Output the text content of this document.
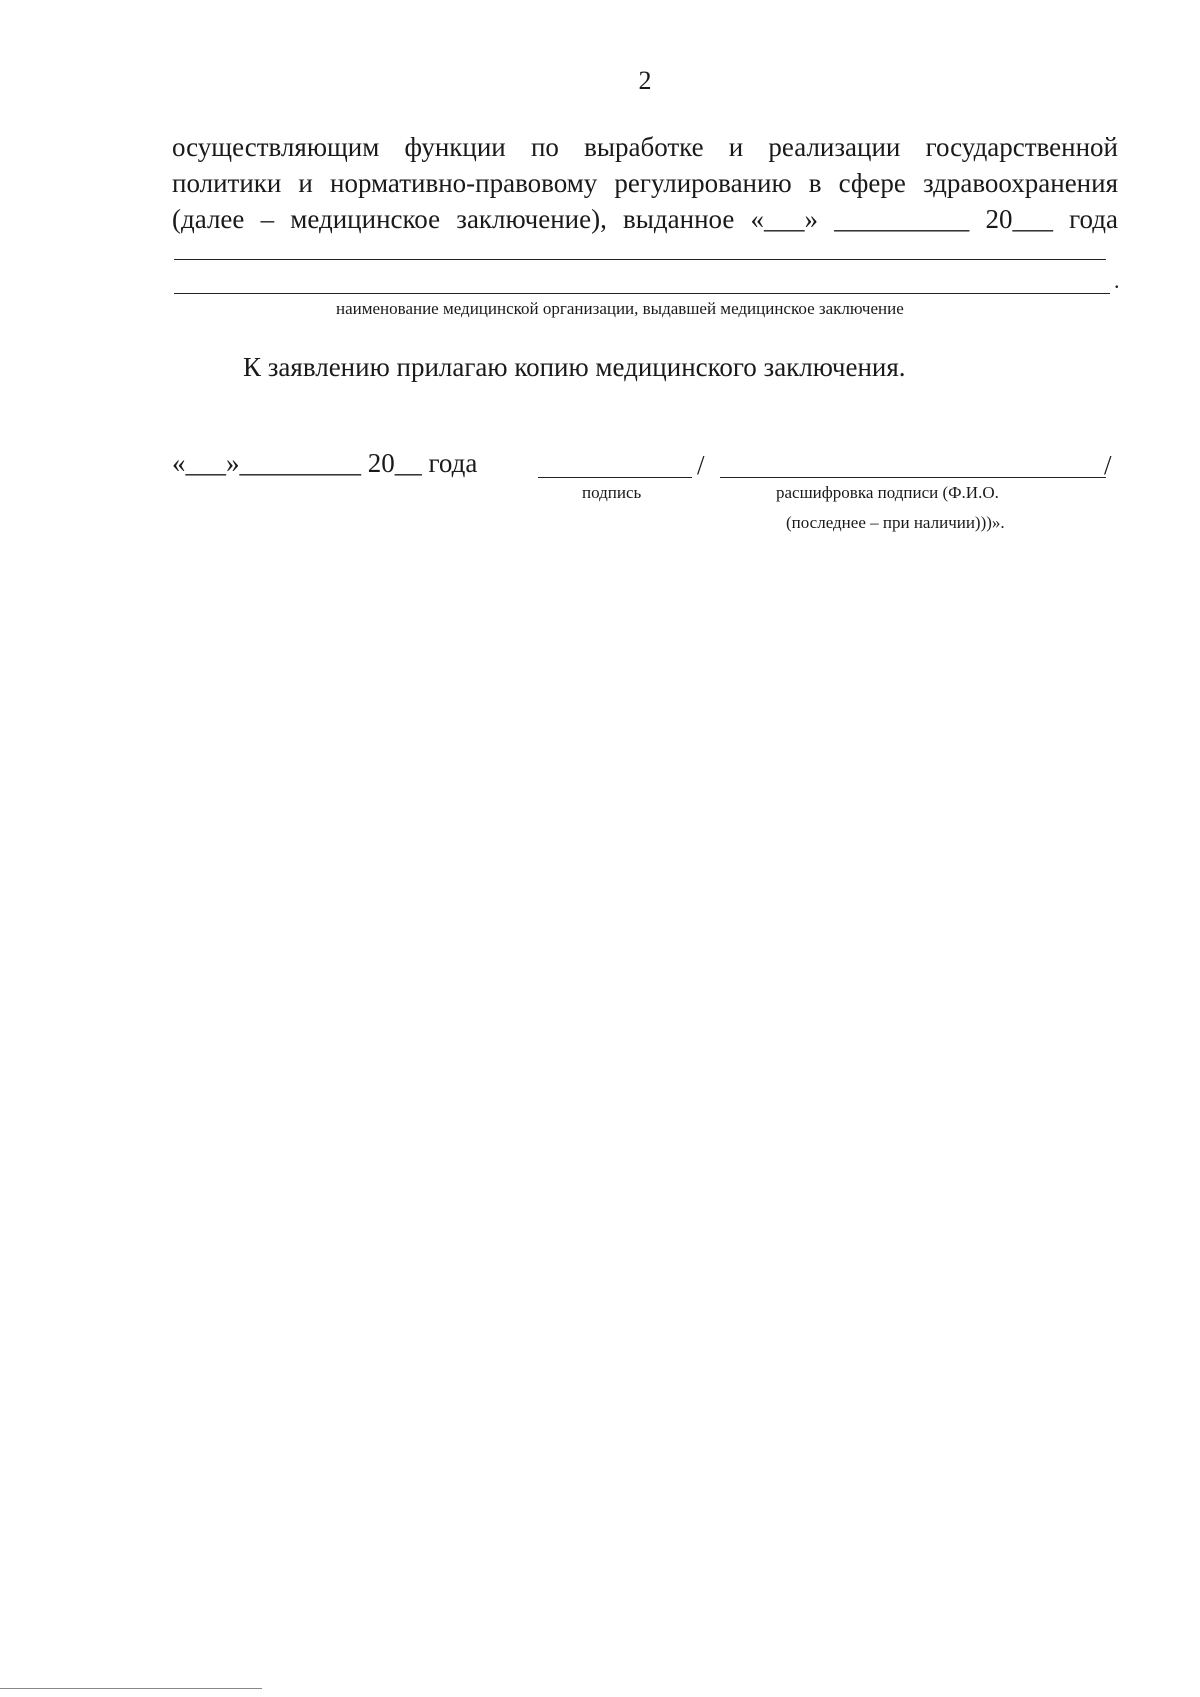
2
осуществляющим функции по выработке и реализации государственной
политики и нормативно-правовому регулированию в сфере здравоохранения
(далее – медицинское заключение), выданное «___» __________ 20___ года
.
наименование медицинской организации, выдавшей медицинское заключение
К заявлению прилагаю копию медицинского заключения.
«___»_________ 20__ года	/	/
подпись	расшифровка подписи (Ф.И.О.
(последнее – при наличии)))».
